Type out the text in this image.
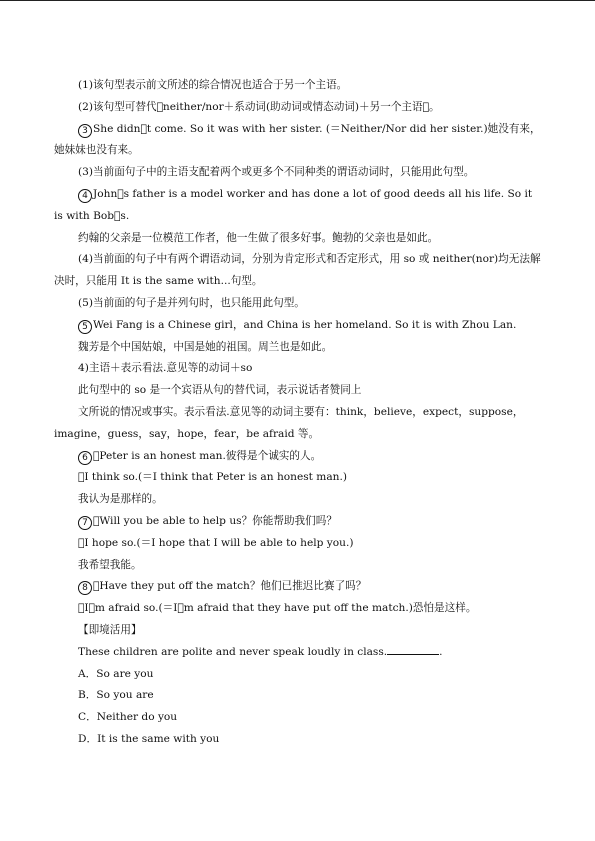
(1)该句型表示前文所述的综合情况也适合于另一个主语。

(2)该句型可替代􏰀neither/nor＋系动词(助动词或情态动词)＋另一个主语􏰀。

3 She didn􏰀t come. So it was with her sister. (＝Neither/Nor did her sister.)她没有来，她妹妹也没有来。

(3)当前面句子中的主语支配着两个或更多个不同种类的谓语动词时，只能用此句型。

4 John􏰀s father is a model worker and has done a lot of good deeds all his life. So it is with Bob􏰀s.

约翰的父亲是一位模范工作者，他一生做了很多好事。鲍勃的父亲也是如此。

(4)当前面的句子中有两个谓语动词，分别为肯定形式和否定形式，用 so 或 neither(nor)均无法解决时，只能用 It is the same with...句型。

(5)当前面的句子是并列句时，也只能用此句型。

5 Wei Fang is a Chinese girl，and China is her homeland. So it is with Zhou Lan.

魏芳是个中国姑娘，中国是她的祖国。周兰也是如此。

4)主语＋表示看法.意见等的动词＋so

此句型中的 so 是一个宾语从句的替代词，表示说话者赞同上

文所说的情况或事实。表示看法.意见等的动词主要有：think，believe，expect，suppose，imagine，guess，say，hope，fear，be afraid 等。

6 􏰀Peter is an honest man.彼得是个诚实的人。

􏰀I think so.(＝I think that Peter is an honest man.)

我认为是那样的。

7 􏰀Will you be able to help us？你能帮助我们吗？

􏰀I hope so.(＝I hope that I will be able to help you.)

我希望我能。

8 􏰀Have they put off the match？他们已推迟比赛了吗？

􏰀I􏰀m afraid so.(＝I􏰀m afraid that they have put off the match.)恐怕是这样。

【即境活用】

These children are polite and never speak loudly in class.	.

A．So are you

B．So you are

C．Neither do you

D．It is the same with you
